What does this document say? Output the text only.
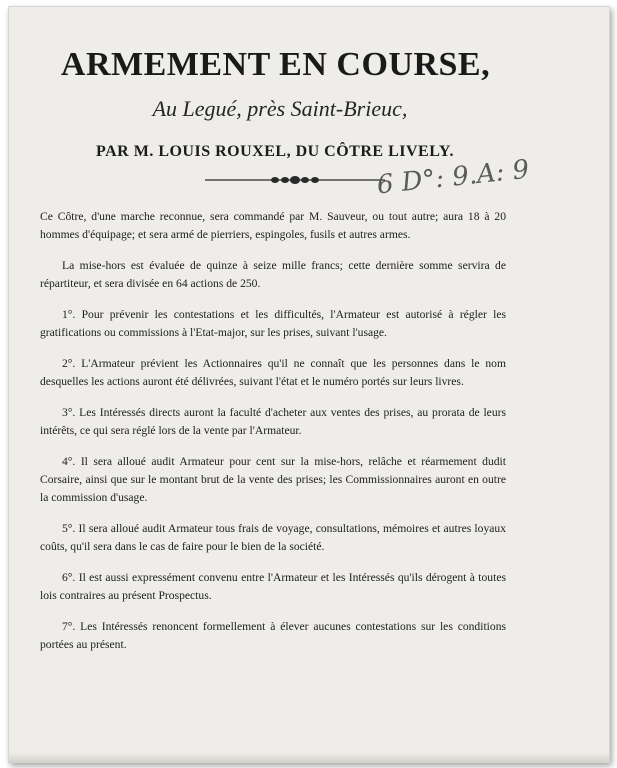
ARMEMENT EN COURSE,
Au Legué, près Saint-Brieuc,
PAR M. LOUIS ROUXEL, DU CÔTRE LIVELY.
6 D°: 9.A: 9

Ce Côtre, d'une marche reconnue, sera commandé par M. Sauveur, ou tout autre; aura 18 à 20 hommes d'équipage; et sera armé de pierriers, espingoles, fusils et autres armes.

La mise-hors est évaluée de quinze à seize mille francs; cette dernière somme servira de répartiteur, et sera divisée en 64 actions de 250.

1°. Pour prévenir les contestations et les difficultés, l'Armateur est autorisé à régler les gratifications ou commissions à l'Etat-major, sur les prises, suivant l'usage.

2°. L'Armateur prévient les Actionnaires qu'il ne connaît que les personnes dans le nom desquelles les actions auront été délivrées, suivant l'état et le numéro portés sur leurs livres.

3°. Les Intéressés directs auront la faculté d'acheter aux ventes des prises, au prorata de leurs intérêts, ce qui sera réglé lors de la vente par l'Armateur.

4°. Il sera alloué audit Armateur pour cent sur la mise-hors, relâche et réarmement dudit Corsaire, ainsi que sur le montant brut de la vente des prises; les Commissionnaires auront en outre la commission d'usage.

5°. Il sera alloué audit Armateur tous frais de voyage, consultations, mémoires et autres loyaux coûts, qu'il sera dans le cas de faire pour le bien de la société.

6°. Il est aussi expressément convenu entre l'Armateur et les Intéressés qu'ils dérogent à toutes lois contraires au présent Prospectus.

7°. Les Intéressés renoncent formellement à élever aucunes contestations sur les conditions portées au présent.
